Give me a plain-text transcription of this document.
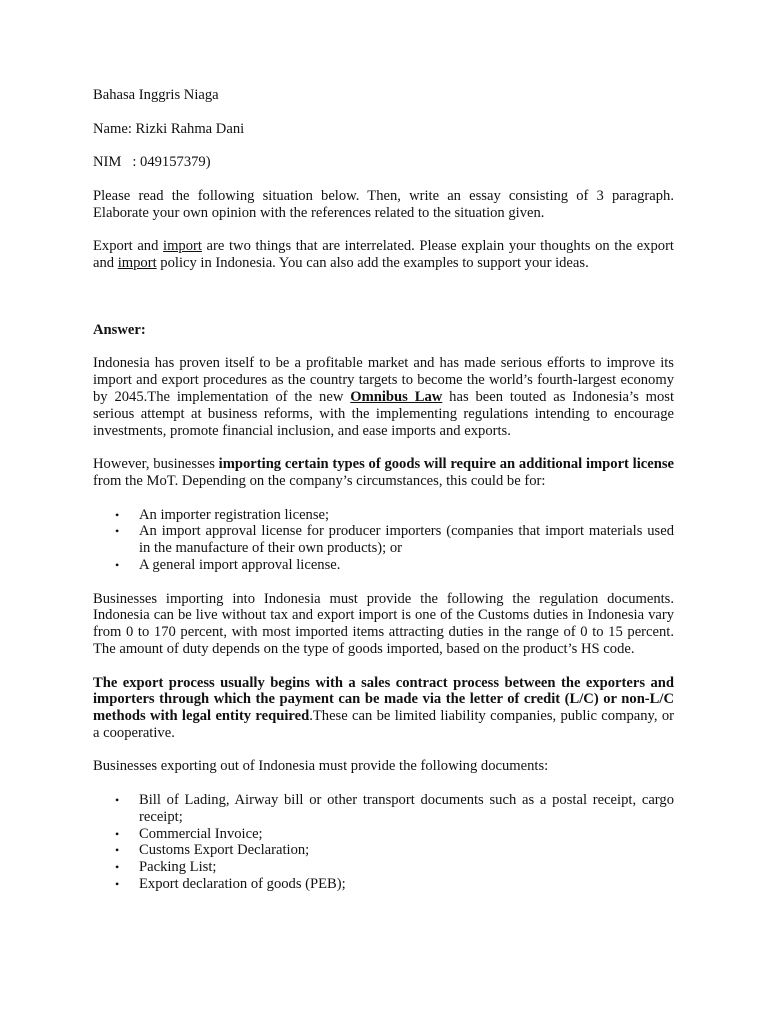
Bahasa Inggris Niaga

Name: Rizki Rahma Dani

NIM : 049157379)

Please read the following situation below. Then, write an essay consisting of 3 paragraph. Elaborate your own opinion with the references related to the situation given.

Export and import are two things that are interrelated. Please explain your thoughts on the export and import policy in Indonesia. You can also add the examples to support your ideas.

Answer:

Indonesia has proven itself to be a profitable market and has made serious efforts to improve its import and export procedures as the country targets to become the world’s fourth-largest economy by 2045.The implementation of the new Omnibus Law has been touted as Indonesia’s most serious attempt at business reforms, with the implementing regulations intending to encourage investments, promote financial inclusion, and ease imports and exports.

However, businesses importing certain types of goods will require an additional import license from the MoT. Depending on the company’s circumstances, this could be for:

• An importer registration license;
• An import approval license for producer importers (companies that import materials used in the manufacture of their own products); or
• A general import approval license.

Businesses importing into Indonesia must provide the following the regulation documents. Indonesia can be live without tax and export import is one of the Customs duties in Indonesia vary from 0 to 170 percent, with most imported items attracting duties in the range of 0 to 15 percent. The amount of duty depends on the type of goods imported, based on the product’s HS code.

The export process usually begins with a sales contract process between the exporters and importers through which the payment can be made via the letter of credit (L/C) or non-L/C methods with legal entity required.These can be limited liability companies, public company, or a cooperative.

Businesses exporting out of Indonesia must provide the following documents:

• Bill of Lading, Airway bill or other transport documents such as a postal receipt, cargo receipt;
• Commercial Invoice;
• Customs Export Declaration;
• Packing List;
• Export declaration of goods (PEB);
